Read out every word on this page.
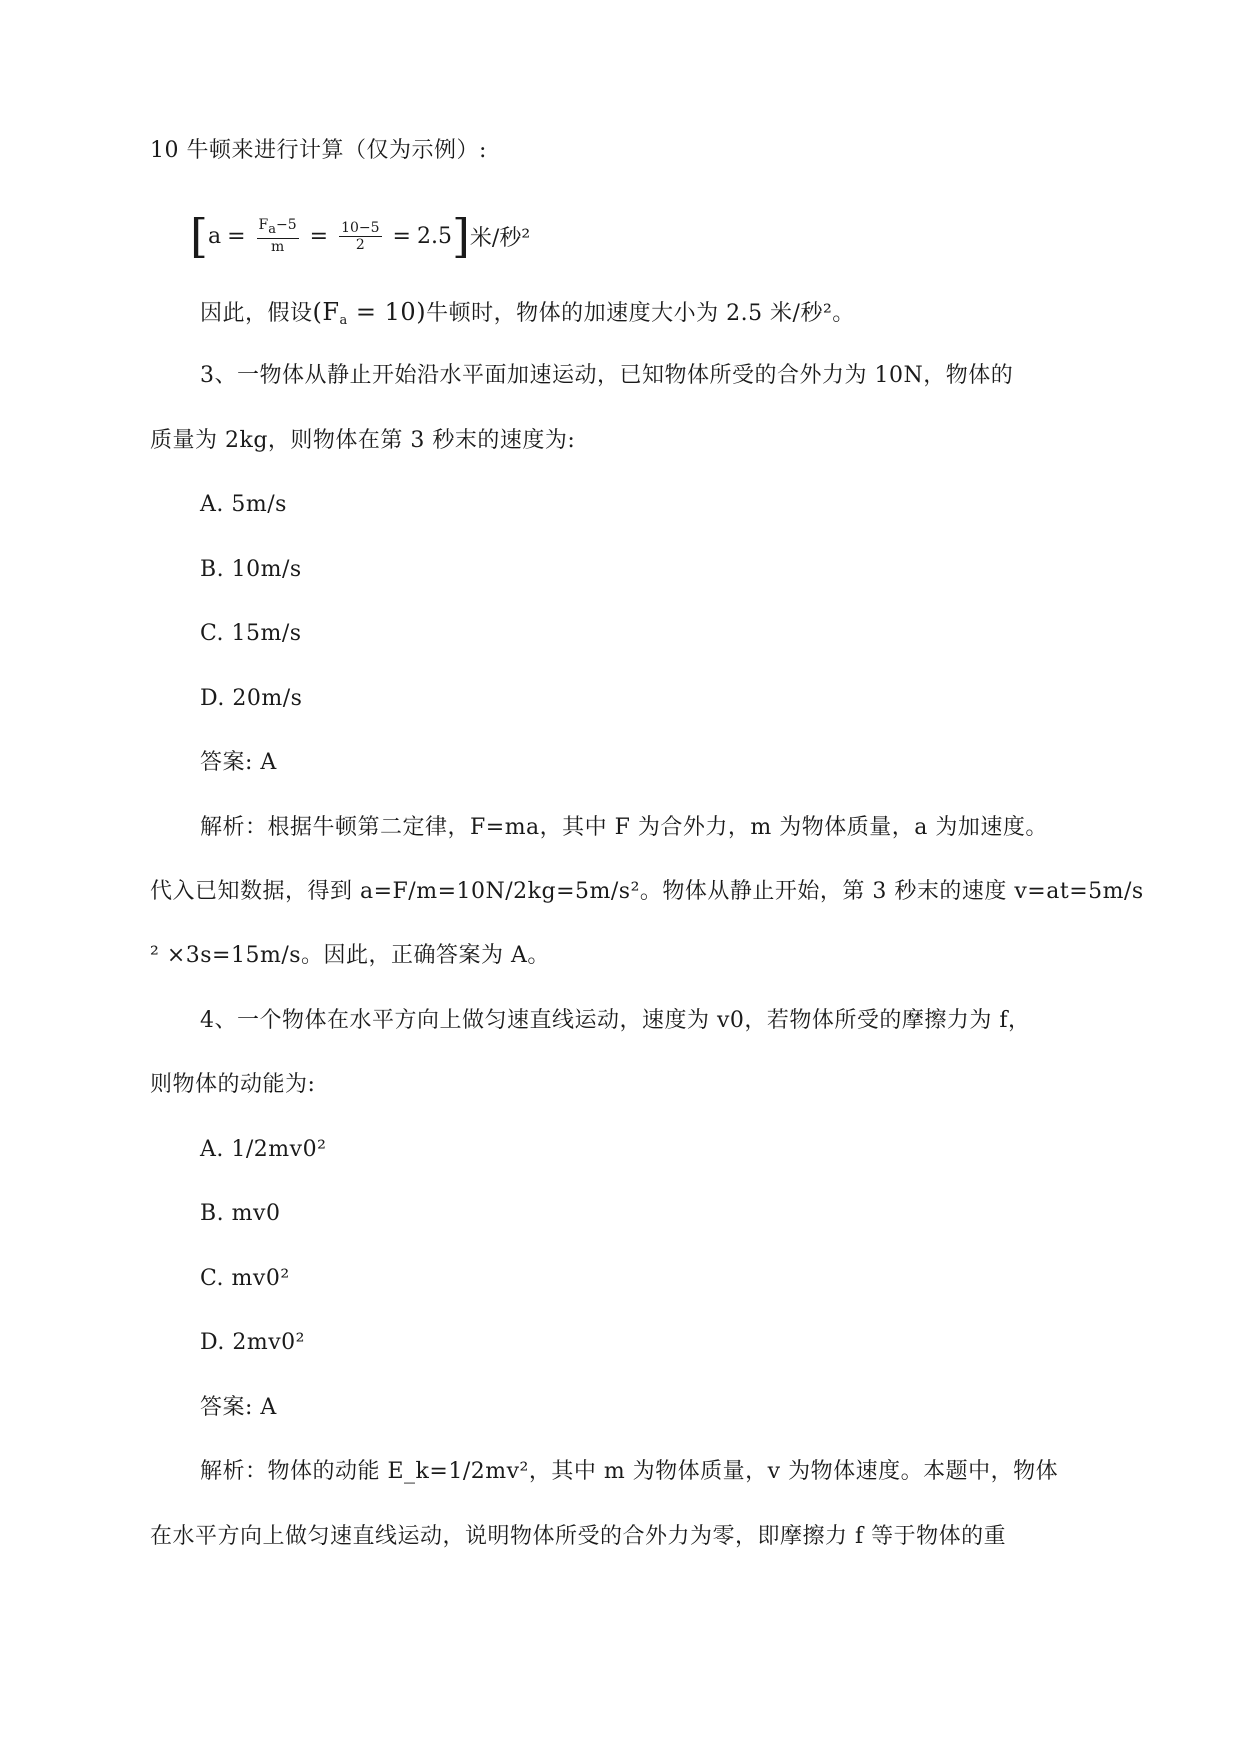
10 牛顿来进行计算（仅为示例）:
[ $a = \frac{Fa-5}{m} = \frac{10-5}{2} = 2.5$ ] 米/秒²
因此，假设$(F_a = 10)$牛顿时，物体的加速度大小为 2.5 米/秒²。
3、一物体从静止开始沿水平面加速运动，已知物体所受的合外力为 10N，物体的
质量为 2kg，则物体在第 3 秒末的速度为:
A. 5m/s
B. 10m/s
C. 15m/s
D. 20m/s
答案: A
解析：根据牛顿第二定律，F=ma，其中 F 为合外力，m 为物体质量，a 为加速度。
代入已知数据，得到 a=F/m=10N/2kg=5m/s²。物体从静止开始，第 3 秒末的速度 v=at=5m/s
² ×3s=15m/s。因此，正确答案为 A。
4、一个物体在水平方向上做匀速直线运动，速度为 v0，若物体所受的摩擦力为 f，
则物体的动能为:
A. 1/2mv0²
B. mv0
C. mv0²
D. 2mv0²
答案: A
解析：物体的动能 E_k=1/2mv²，其中 m 为物体质量，v 为物体速度。本题中，物体
在水平方向上做匀速直线运动，说明物体所受的合外力为零，即摩擦力 f 等于物体的重
